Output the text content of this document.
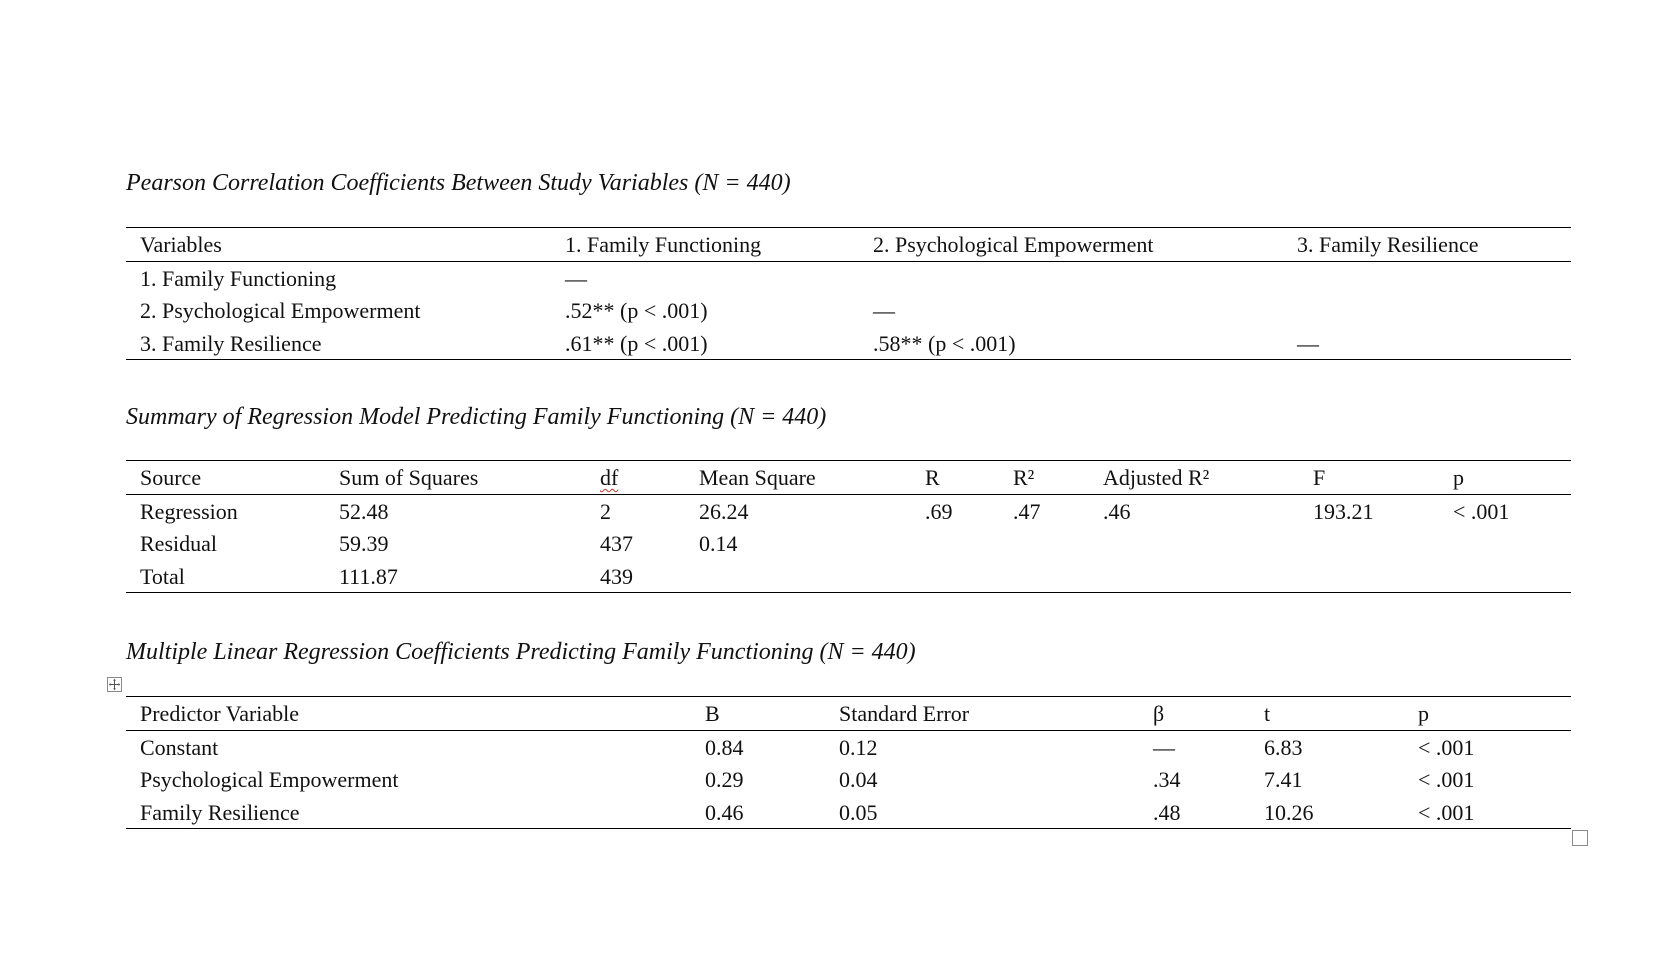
Pearson Correlation Coefficients Between Study Variables (N = 440)
Variables	1. Family Functioning	2. Psychological Empowerment	3. Family Resilience
1. Family Functioning	—
2. Psychological Empowerment	.52** (p < .001)	—
3. Family Resilience	.61** (p < .001)	.58** (p < .001)	—
Summary of Regression Model Predicting Family Functioning (N = 440)
Source	Sum of Squares	df	Mean Square	R	R²	Adjusted R²	F	p
Regression	52.48	2	26.24	.69	.47	.46	193.21	< .001
Residual	59.39	437	0.14
Total	111.87	439
Multiple Linear Regression Coefficients Predicting Family Functioning (N = 440)
Predictor Variable	B	Standard Error	β	t	p
Constant	0.84	0.12	—	6.83	< .001
Psychological Empowerment	0.29	0.04	.34	7.41	< .001
Family Resilience	0.46	0.05	.48	10.26	< .001
